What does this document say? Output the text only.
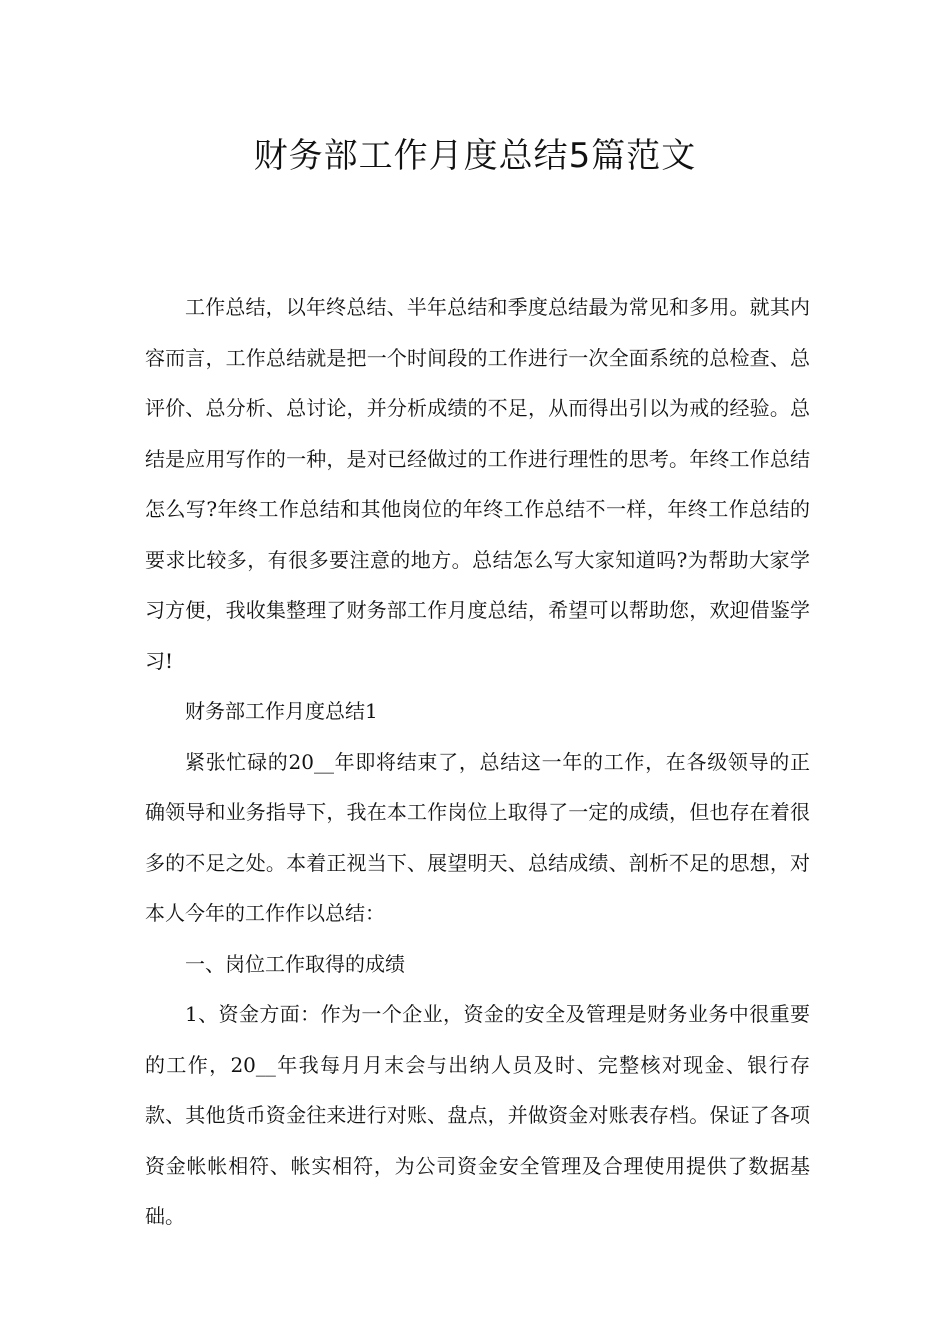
财务部工作月度总结5篇范文

工作总结，以年终总结、半年总结和季度总结最为常见和多用。就其内容而言，工作总结就是把一个时间段的工作进行一次全面系统的总检查、总评价、总分析、总讨论，并分析成绩的不足，从而得出引以为戒的经验。总结是应用写作的一种，是对已经做过的工作进行理性的思考。年终工作总结怎么写?年终工作总结和其他岗位的年终工作总结不一样，年终工作总结的要求比较多，有很多要注意的地方。总结怎么写大家知道吗?为帮助大家学习方便，我收集整理了财务部工作月度总结，希望可以帮助您，欢迎借鉴学习!

财务部工作月度总结1

紧张忙碌的20__年即将结束了，总结这一年的工作，在各级领导的正确领导和业务指导下，我在本工作岗位上取得了一定的成绩，但也存在着很多的不足之处。本着正视当下、展望明天、总结成绩、剖析不足的思想，对本人今年的工作作以总结：

一、岗位工作取得的成绩

1、资金方面：作为一个企业，资金的安全及管理是财务业务中很重要的工作，20__年我每月月末会与出纳人员及时、完整核对现金、银行存款、其他货币资金往来进行对账、盘点，并做资金对账表存档。保证了各项资金帐帐相符、帐实相符，为公司资金安全管理及合理使用提供了数据基础。
